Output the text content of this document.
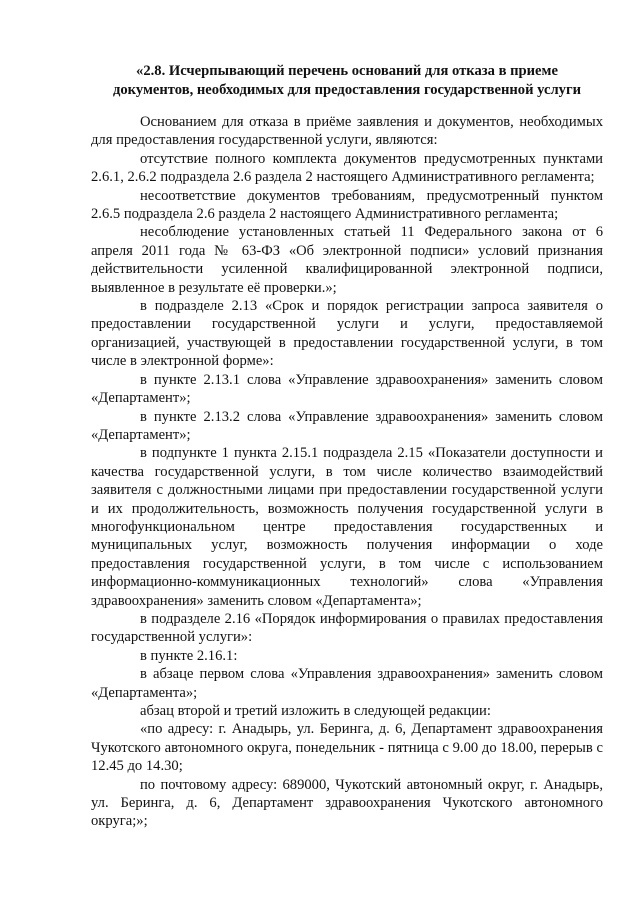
«2.8. Исчерпывающий перечень оснований для отказа в приеме
документов, необходимых для предоставления государственной услуги

Основанием для отказа в приёме заявления и документов, необходимых для предоставления государственной услуги, являются:

отсутствие полного комплекта документов предусмотренных пунктами 2.6.1, 2.6.2 подраздела 2.6 раздела 2 настоящего Административного регламента;

несоответствие документов требованиям, предусмотренный пунктом 2.6.5 подраздела 2.6 раздела 2 настоящего Административного регламента;

несоблюдение установленных статьей 11 Федерального закона от 6 апреля 2011 года № 63-ФЗ «Об электронной подписи» условий признания действительности усиленной квалифицированной электронной подписи, выявленное в результате её проверки.»;

в подразделе 2.13 «Срок и порядок регистрации запроса заявителя о предоставлении государственной услуги и услуги, предоставляемой организацией, участвующей в предоставлении государственной услуги, в том числе в электронной форме»:

в пункте 2.13.1 слова «Управление здравоохранения» заменить словом «Департамент»;

в пункте 2.13.2 слова «Управление здравоохранения» заменить словом «Департамент»;

в подпункте 1 пункта 2.15.1 подраздела 2.15 «Показатели доступности и качества государственной услуги, в том числе количество взаимодействий заявителя с должностными лицами при предоставлении государственной услуги и их продолжительность, возможность получения государственной услуги в многофункциональном центре предоставления государственных и муниципальных услуг, возможность получения информации о ходе предоставления государственной услуги, в том числе с использованием информационно-коммуникационных технологий» слова «Управления здравоохранения» заменить словом «Департамента»;

в подразделе 2.16 «Порядок информирования о правилах предоставления государственной услуги»:

в пункте 2.16.1:

в абзаце первом слова «Управления здравоохранения» заменить словом «Департамента»;

абзац второй и третий изложить в следующей редакции:

«по адресу: г. Анадырь, ул. Беринга, д. 6, Департамент здравоохранения Чукотского автономного округа, понедельник - пятница с 9.00 до 18.00, перерыв с 12.45 до 14.30;

по почтовому адресу: 689000, Чукотский автономный округ, г. Анадырь, ул. Беринга, д. 6, Департамент здравоохранения Чукотского автономного округа;»;
